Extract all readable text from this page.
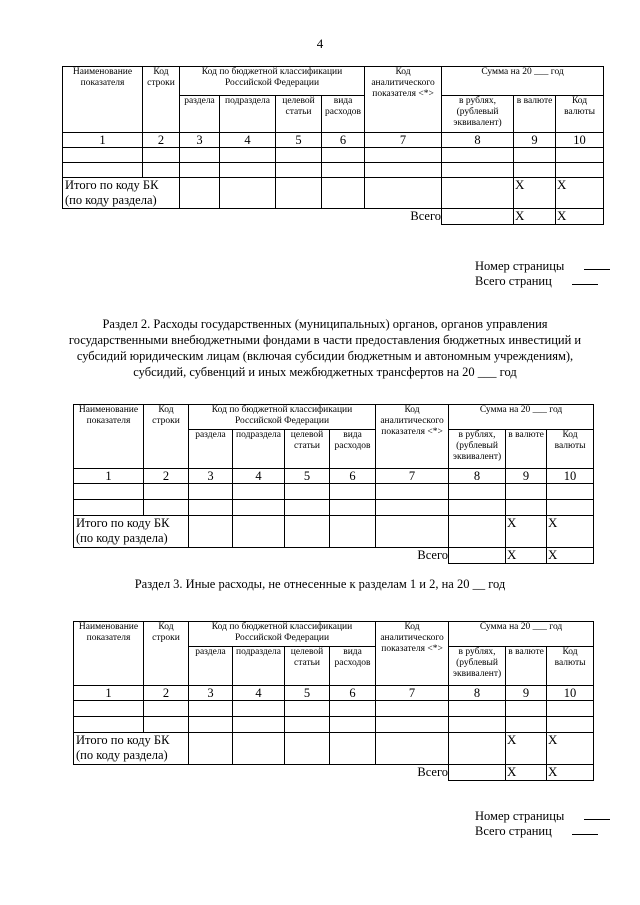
4
Наименование показателя	Код строки	Код по бюджетной классификации Российской Федерации				Код аналитического показателя <*>	Сумма на 20 ___ год		
		раздела	подраздела	целевой статьи	вида расходов		в рублях, (рублевый эквивалент)	в валюте	Код валюты
1	2	3	4	5	6	7	8	9	10

Итого по коду БК (по коду раздела)								X	X
						Всего		X	X
Номер страницы
Всего страниц
Раздел 2. Расходы государственных (муниципальных) органов, органов управления государственными внебюджетными фондами в части предоставления бюджетных инвестиций и субсидий юридическим лицам (включая субсидии бюджетным и автономным учреждениям), субсидий, субвенций и иных межбюджетных трансфертов на 20 ___ год
Наименование показателя	Код строки	Код по бюджетной классификации Российской Федерации				Код аналитического показателя <*>	Сумма на 20 ___ год		
		раздела	подраздела	целевой статьи	вида расходов		в рублях, (рублевый эквивалент)	в валюте	Код валюты
1	2	3	4	5	6	7	8	9	10

Итого по коду БК (по коду раздела)								X	X
						Всего		X	X
Раздел 3. Иные расходы, не отнесенные к разделам 1 и 2, на 20 __ год
Наименование показателя	Код строки	Код по бюджетной классификации Российской Федерации				Код аналитического показателя <*>	Сумма на 20 ___ год		
		раздела	подраздела	целевой статьи	вида расходов		в рублях, (рублевый эквивалент)	в валюте	Код валюты
1	2	3	4	5	6	7	8	9	10

Итого по коду БК (по коду раздела)								X	X
						Всего		X	X
Номер страницы
Всего страниц
